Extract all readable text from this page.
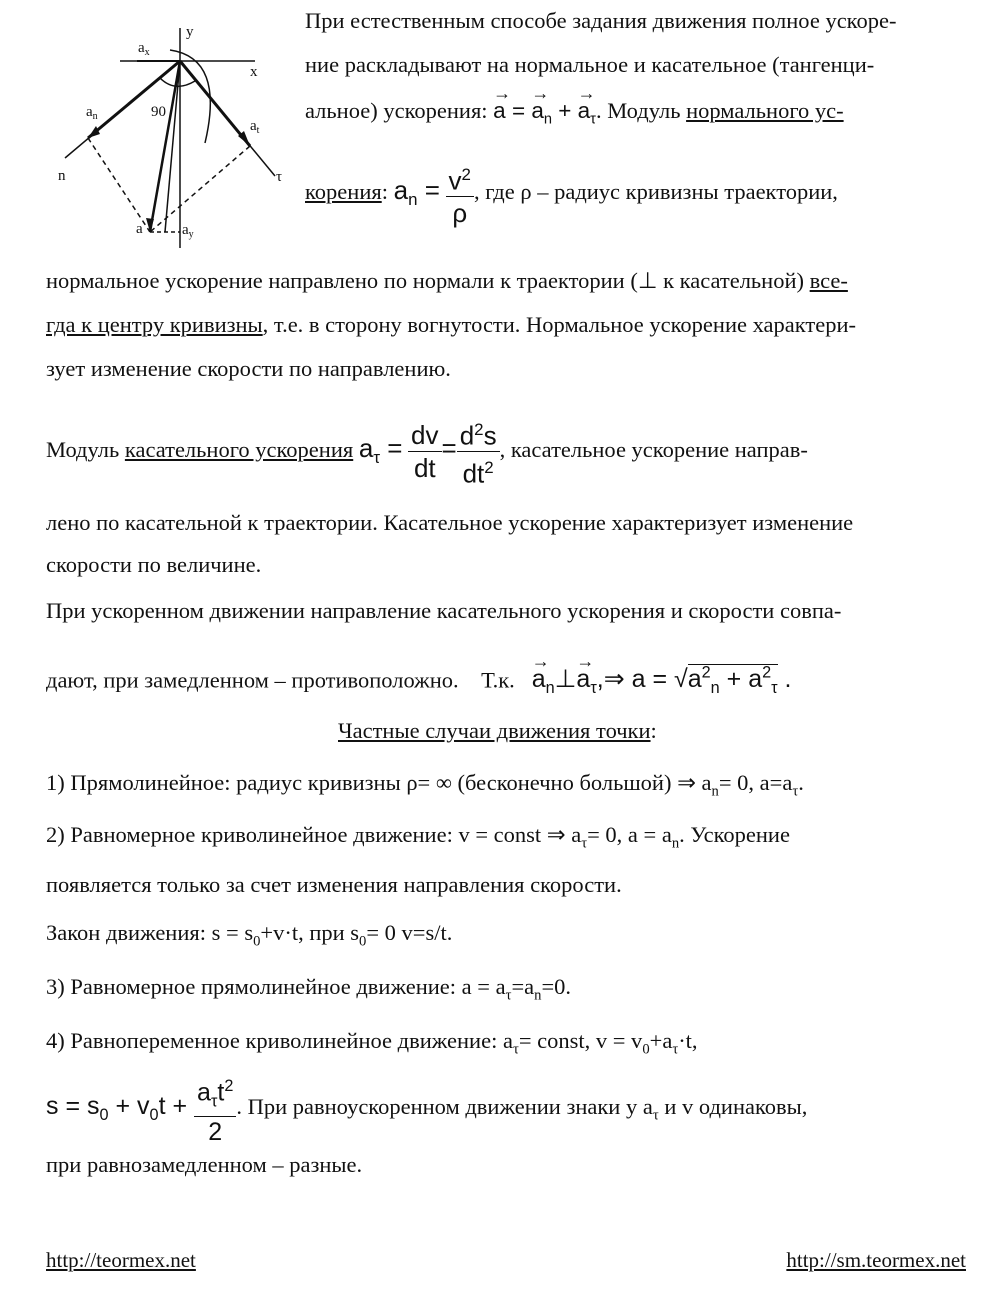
y
x
$a_x$
$a_n$
n
90
$a_t$
τ
a	$a_y$
При естественным способе задания движения полное ускоре-
ние раскладывают на нормальное и касательное (тангенци-
альное) ускорения: → a = → $a_n$ + → $a_\tau$. Модуль нормального ус-
корения: $a_n = \frac{v^2}{\rho}$ , где ρ – радиус кривизны траектории,
нормальное ускорение направлено по нормали к траектории (⊥ к касательной) все-
гда к центру кривизны, т.е. в сторону вогнутости. Нормальное ускорение характери-
зует изменение скорости по направлению.
Модуль касательного ускорения $a_\tau = \frac{dv}{dt} = \frac{d^2s}{dt^2}$ , касательное ускорение направ-
лено по касательной к траектории. Касательное ускорение характеризует изменение
скорости по величине.
При ускоренном движении направление касательного ускорения и скорости совпа-
дают, при замедленном – противоположно. Т.к.   → $a_n\perp\to$ $a_\tau,\Rightarrow$ $a = √a^2_n + a^2_\tau$ .
Частные случаи движения точки:
1) Прямолинейное: радиус кривизны ρ= ∞ (бесконечно большой) ⇒ $a_n= 0$, $a=a_\tau$.
2) Равномерное криволинейное движение: v = const ⇒ $a_\tau= 0$, $a = a_n$. Ускорение
появляется только за счет изменения направления скорости.
Закон движения: $s = s_0+v\cdot t$, при $s_0= 0$ v=s/t.
3) Равномерное прямолинейное движение: $a = a_\tau=a_n=0$.
4) Равнопеременное криволинейное движение: $a_\tau=$ const, $v = v_0+a_\tau\cdot t$,
$s = s_0 + v_0t + \frac{a_\tau t^2}{2}$ . При равноускоренном движении знаки у $a_\tau$ и v одинаковы,
при равнозамедленном – разные.
http://teormex.net	http://sm.teormex.net
